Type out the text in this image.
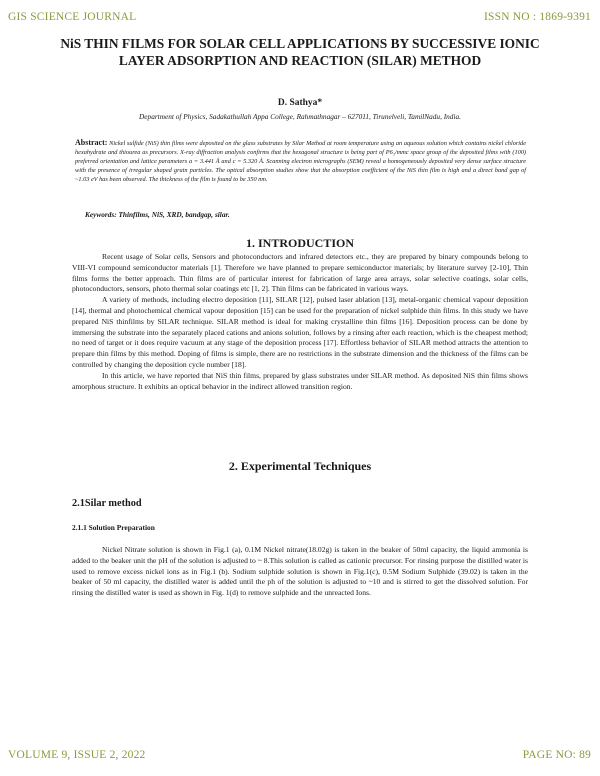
GIS SCIENCE JOURNAL	ISSN NO : 1869-9391
NiS THIN FILMS FOR SOLAR CELL APPLICATIONS BY SUCCESSIVE IONIC LAYER ADSORPTION AND REACTION (SILAR) METHOD
D. Sathya*
Department of Physics, Sadakathullah Appa College, Rahmathnagar – 627011, Tirunelveli, TamilNadu, India.
Abstract: Nickel sulfide (NiS) thin films were deposited on the glass substrates by Silar Method at room temperature using an aqueous solution which contains nickel chloride hexahydrate and thiourea as precursors. X-ray diffraction analysis confirms that the hexagonal structure is being part of P6₃/mmc space group of the deposited films with (100) preferred orientation and lattice parameters a = 3.441 Å and c = 5.320 Å. Scanning electron micrographs (SEM) reveal a homogeneously deposited very dense surface structure with the presence of irregular shaped grain particles. The optical absorption studies show that the absorption coefficient of the NiS thin film is high and a direct band gap of ~1.03 eV has been observed. The thickness of the film is found to be 350 nm.
Keywords: Thinfilms, NiS, XRD, bandgap, silar.
1. INTRODUCTION

Recent usage of Solar cells, Sensors and photoconductors and infrared detectors etc., they are prepared by binary compounds belong to VIII-VI compound semiconductor materials [1]. Therefore we have planned to prepare semiconductor materials; by literature survey [2-10], Thin films forms the better approach. Thin films are of particular interest for fabrication of large area arrays, solar selective coatings, solar cells, photoconductors, sensors, photo thermal solar coatings etc [1, 2]. Thin films can be fabricated in various ways.

A variety of methods, including electro deposition [11], SILAR [12], pulsed laser ablation [13], metal-organic chemical vapour deposition [14], thermal and photochemical chemical vapour deposition [15] can be used for the preparation of nickel sulphide thin films. In this study we have prepared NiS thinfilms by SILAR technique. SILAR method is ideal for making crystalline thin films [16]. Deposition process can be done by immersing the substrate into the separately placed cations and anions solution, follows by a rinsing after each reaction, which is the cheapest method; no need of target or it does require vacuum at any stage of the deposition process [17]. Effortless behavior of SILAR method attracts the attention to prepare thin films by this method. Doping of films is simple, there are no restrictions in the substrate dimension and the thickness of the films can be controlled by changing the deposition cycle number [18].

In this article, we have reported that NiS thin films, prepared by glass substrates under SILAR method. As deposited NiS thin films shows amorphous structure. It exhibits an optical behavior in the indirect allowed transition region.

2. Experimental Techniques
2.1Silar method
2.1.1 Solution Preparation

Nickel Nitrate solution is shown in Fig.1 (a), 0.1M Nickel nitrate(18.02g) is taken in the beaker of 50ml capacity, the liquid ammonia is added to the beaker unit the pH of the solution is adjusted to ~ 8.This solution is called as cationic precursor. For rinsing purpose the distilled water is used to remove excess nickel ions as in Fig.1 (b). Sodium sulphide solution is shown in Fig.1(c), 0.5M Sodium Sulphide (39.02) is taken in the beaker of 50 ml capacity, the distilled water is added until the ph of the solution is adjusted to ~10 and is stirred to get the dissolved solution. For rinsing the distilled water is used as shown in Fig. 1(d) to remove sulphide and the unreacted Ions.

VOLUME 9, ISSUE 2, 2022	PAGE NO: 89
